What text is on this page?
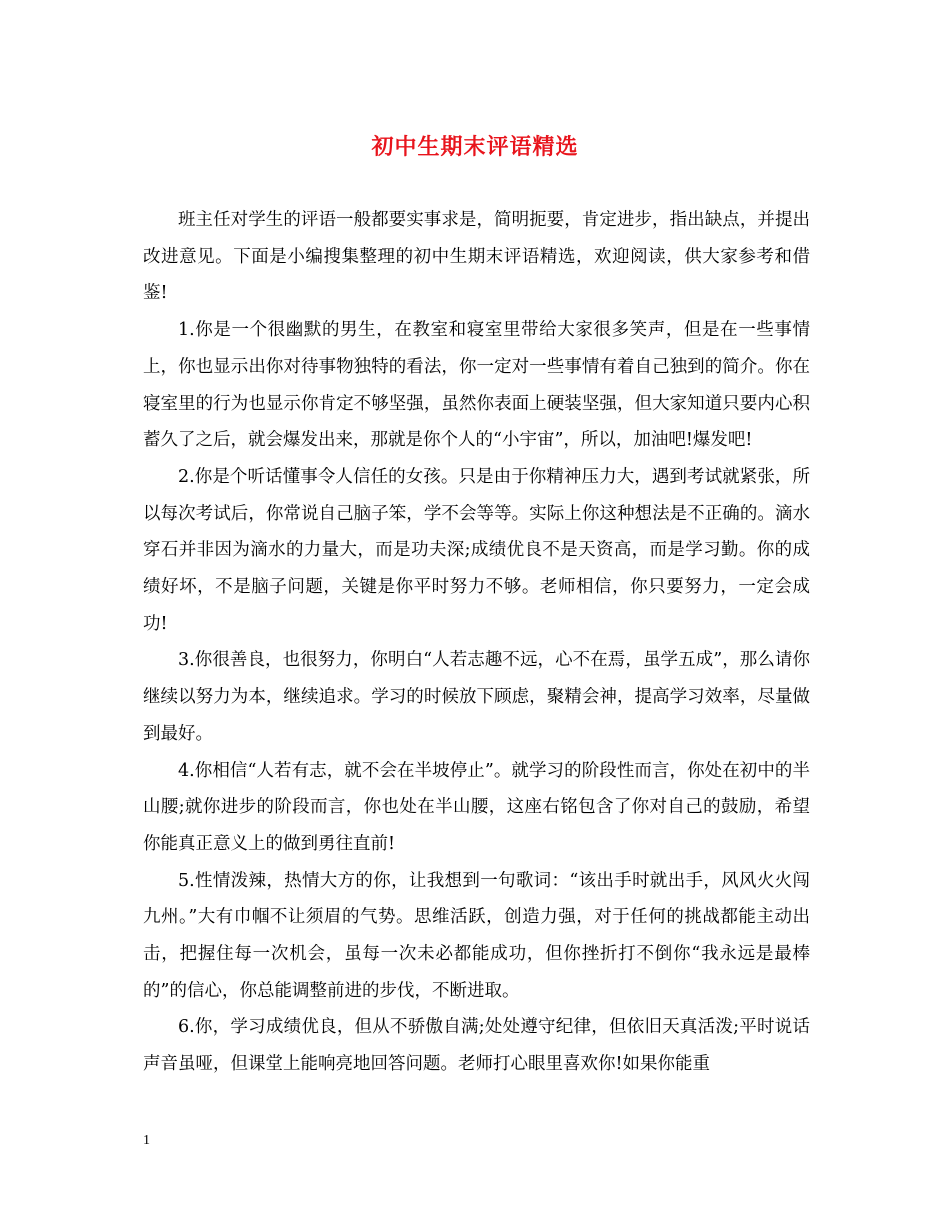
初中生期末评语精选

班主任对学生的评语一般都要实事求是，简明扼要，肯定进步，指出缺点，并提出改进意见。下面是小编搜集整理的初中生期末评语精选，欢迎阅读，供大家参考和借鉴!

1.你是一个很幽默的男生，在教室和寝室里带给大家很多笑声，但是在一些事情上，你也显示出你对待事物独特的看法，你一定对一些事情有着自己独到的简介。你在寝室里的行为也显示你肯定不够坚强，虽然你表面上硬装坚强，但大家知道只要内心积蓄久了之后，就会爆发出来，那就是你个人的“小宇宙”，所以，加油吧!爆发吧!

2.你是个听话懂事令人信任的女孩。只是由于你精神压力大，遇到考试就紧张，所以每次考试后，你常说自己脑子笨，学不会等等。实际上你这种想法是不正确的。滴水穿石并非因为滴水的力量大，而是功夫深;成绩优良不是天资高，而是学习勤。你的成绩好坏，不是脑子问题，关键是你平时努力不够。老师相信，你只要努力，一定会成功!

3.你很善良，也很努力，你明白“人若志趣不远，心不在焉，虽学五成”，那么请你继续以努力为本，继续追求。学习的时候放下顾虑，聚精会神，提高学习效率，尽量做到最好。

4.你相信“人若有志，就不会在半坡停止”。就学习的阶段性而言，你处在初中的半山腰;就你进步的阶段而言，你也处在半山腰，这座右铭包含了你对自己的鼓励，希望你能真正意义上的做到勇往直前!

5.性情泼辣，热情大方的你，让我想到一句歌词：“该出手时就出手，风风火火闯九州。”大有巾帼不让须眉的气势。思维活跃，创造力强，对于任何的挑战都能主动出击，把握住每一次机会，虽每一次未必都能成功，但你挫折打不倒你“我永远是最棒的”的信心，你总能调整前进的步伐，不断进取。

6.你，学习成绩优良，但从不骄傲自满;处处遵守纪律，但依旧天真活泼;平时说话声音虽哑，但课堂上能响亮地回答问题。老师打心眼里喜欢你!如果你能重

1
